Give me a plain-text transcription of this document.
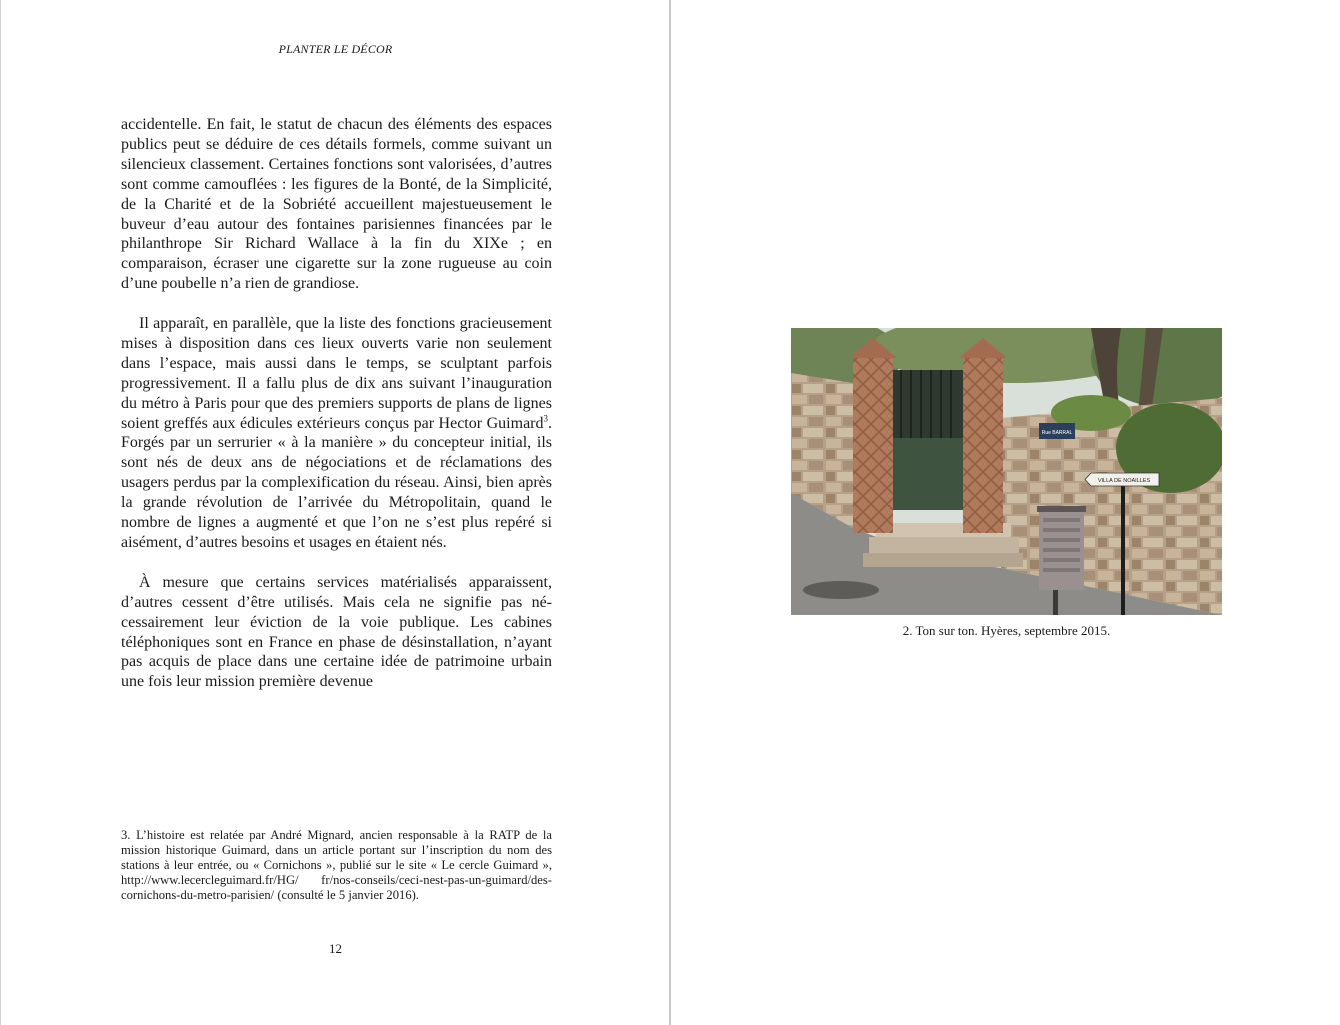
PLANTER LE DÉCOR

accidentelle. En fait, le statut de chacun des éléments des espaces publics peut se déduire de ces détails formels, comme suivant un silencieux classement. Certaines fonctions sont valorisées, d’autres sont comme camouflées : les figures de la Bonté, de la Simplicité, de la Charité et de la Sobriété accueillent majestueusement le buveur d’eau autour des fontaines parisiennes financées par le philanthrope Sir Richard Wallace à la fin du XIXe ; en comparaison, écraser une cigarette sur la zone rugueuse au coin d’une poubelle n’a rien de grandiose.

Il apparaît, en parallèle, que la liste des fonctions gracieusement mises à disposition dans ces lieux ouverts varie non seulement dans l’espace, mais aussi dans le temps, se sculptant parfois progressivement. Il a fallu plus de dix ans suivant l’inauguration du métro à Paris pour que des premiers supports de plans de lignes soient greffés aux édicules extérieurs conçus par Hector Guimard$^3$. Forgés par un serrurier « à la manière » du concepteur initial, ils sont nés de deux ans de négociations et de réclamations des usagers perdus par la complexification du réseau. Ainsi, bien après la grande révolution de l’arrivée du Métropolitain, quand le nombre de lignes a augmenté et que l’on ne s’est plus repéré si aisément, d’autres besoins et usages en étaient nés.

À mesure que certains services matérialisés apparaissent, d’autres cessent d’être utilisés. Mais cela ne signifie pas nécessairement leur éviction de la voie publique. Les cabines téléphoniques sont en France en phase de désinstallation, n’ayant pas acquis de place dans une certaine idée de patrimoine urbain une fois leur mission première devenue

3. L’histoire est relatée par André Mignard, ancien responsable à la RATP de la mission historique Guimard, dans un article portant sur l’inscription du nom des stations à leur entrée, ou « Cornichons », publié sur le site « Le cercle Guimard », http://www.lecercleguimard.fr/HG/ fr/nos-conseils/ceci-nest-pas-un-guimard/des-cornichons-du-metro-parisien/ (consulté le 5 janvier 2016).

12
Rue BARRAL
VILLA DE NOAILLES
2. Ton sur ton. Hyères, septembre 2015.
